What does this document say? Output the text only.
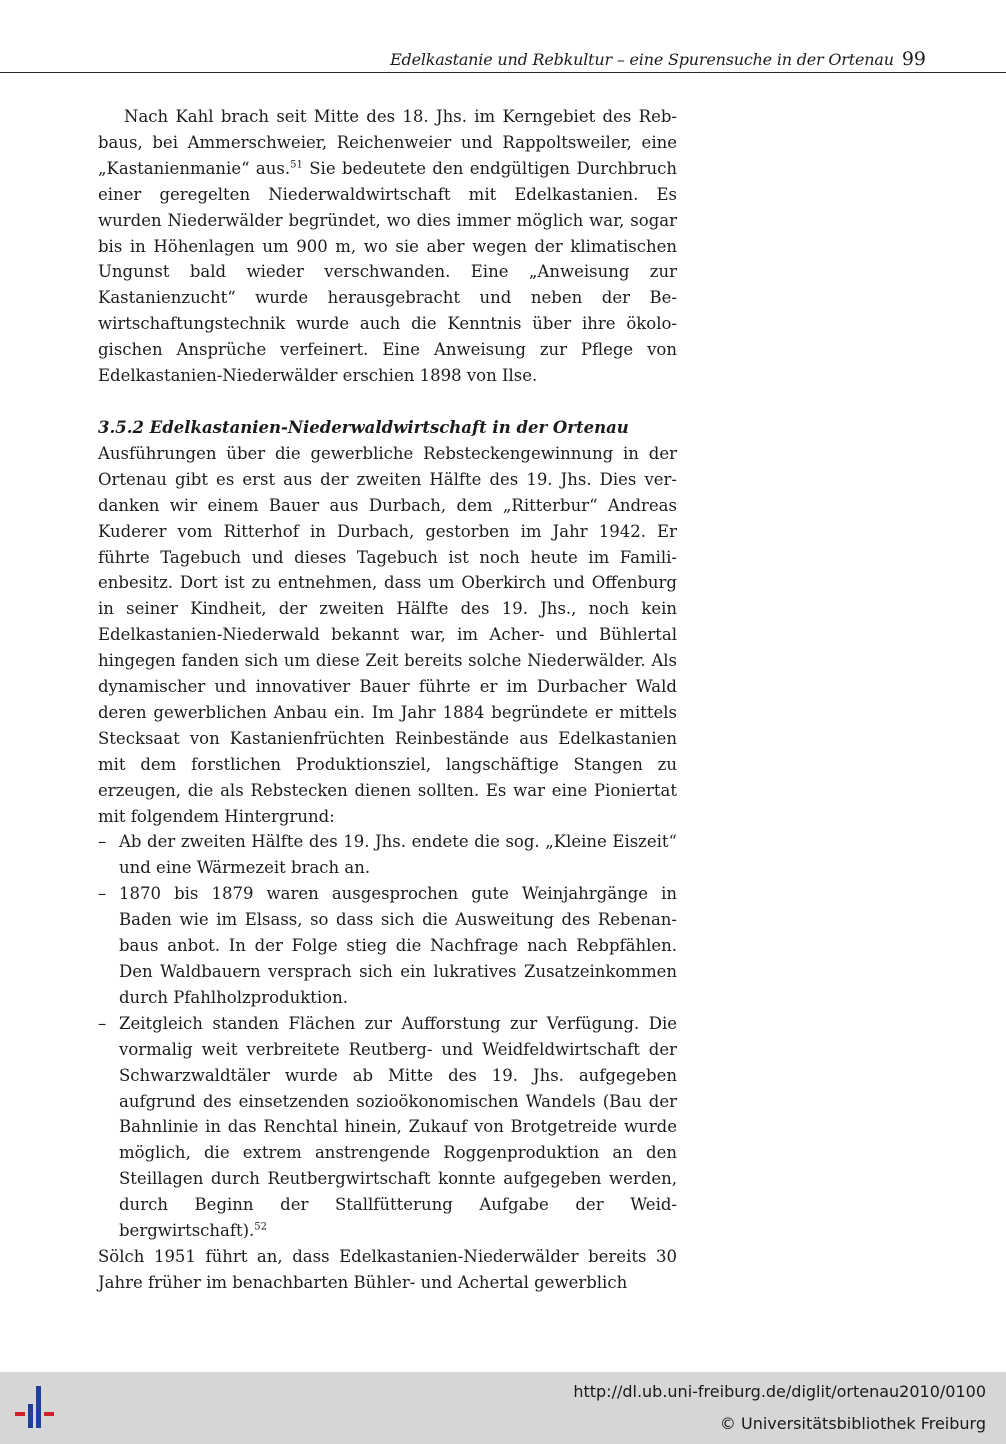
Edelkastanie und Rebkultur – eine Spurensuche in der Ortenau 99

Nach Kahl brach seit Mitte des 18. Jhs. im Kerngebiet des Rebbaus, bei Ammerschweier, Reichenweier und Rappoltsweiler, eine „Kastanienmanie“ aus.$^{51}$ Sie bedeutete den endgültigen Durchbruch einer geregelten Niederwaldwirtschaft mit Edelkastanien. Es wurden Niederwälder begründet, wo dies immer möglich war, sogar bis in Höhenlagen um 900 m, wo sie aber wegen der klimatischen Ungunst bald wieder verschwanden. Eine „Anweisung zur Kastanienzucht“ wurde herausgebracht und neben der Bewirtschaftungstechnik wurde auch die Kenntnis über ihre ökologischen Ansprüche verfeinert. Eine Anweisung zur Pflege von Edelkastanien-Niederwälder erschien 1898 von Ilse.

3.5.2 Edelkastanien-Niederwaldwirtschaft in der Ortenau

Ausführungen über die gewerbliche Rebsteckengewinnung in der Ortenau gibt es erst aus der zweiten Hälfte des 19. Jhs. Dies verdanken wir einem Bauer aus Durbach, dem „Ritterbur“ Andreas Kuderer vom Ritterhof in Durbach, gestorben im Jahr 1942. Er führte Tagebuch und dieses Tagebuch ist noch heute im Familienbesitz. Dort ist zu entnehmen, dass um Oberkirch und Offenburg in seiner Kindheit, der zweiten Hälfte des 19. Jhs., noch kein Edelkastanien-Niederwald bekannt war, im Acher- und Bühlertal hingegen fanden sich um diese Zeit bereits solche Niederwälder. Als dynamischer und innovativer Bauer führte er im Durbacher Wald deren gewerblichen Anbau ein. Im Jahr 1884 begründete er mittels Stecksaat von Kastanienfrüchten Reinbestände aus Edelkastanien mit dem forstlichen Produktionsziel, langschäftige Stangen zu erzeugen, die als Rebstecken dienen sollten. Es war eine Pioniertat mit folgendem Hintergrund:

– Ab der zweiten Hälfte des 19. Jhs. endete die sog. „Kleine Eiszeit“ und eine Wärmezeit brach an.
– 1870 bis 1879 waren ausgesprochen gute Weinjahrgänge in Baden wie im Elsass, so dass sich die Ausweitung des Rebenanbaus anbot. In der Folge stieg die Nachfrage nach Rebpfählen. Den Waldbauern versprach sich ein lukratives Zusatzeinkommen durch Pfahlholzproduktion.
– Zeitgleich standen Flächen zur Aufforstung zur Verfügung. Die vormalig weit verbreitete Reutberg- und Weidfeldwirtschaft der Schwarzwaldtäler wurde ab Mitte des 19. Jhs. aufgegeben aufgrund des einsetzenden sozioökonomischen Wandels (Bau der Bahnlinie in das Renchtal hinein, Zukauf von Brotgetreide wurde möglich, die extrem anstrengende Roggenproduktion an den Steillagen durch Reutbergwirtschaft konnte aufgegeben werden, durch Beginn der Stallfütterung Aufgabe der Weidbergwirtschaft).$^{52}$

Sölch 1951 führt an, dass Edelkastanien-Niederwälder bereits 30 Jahre früher im benachbarten Bühler- und Achertal gewerblich

http://dl.ub.uni-freiburg.de/diglit/ortenau2010/0100
© Universitätsbibliothek Freiburg
